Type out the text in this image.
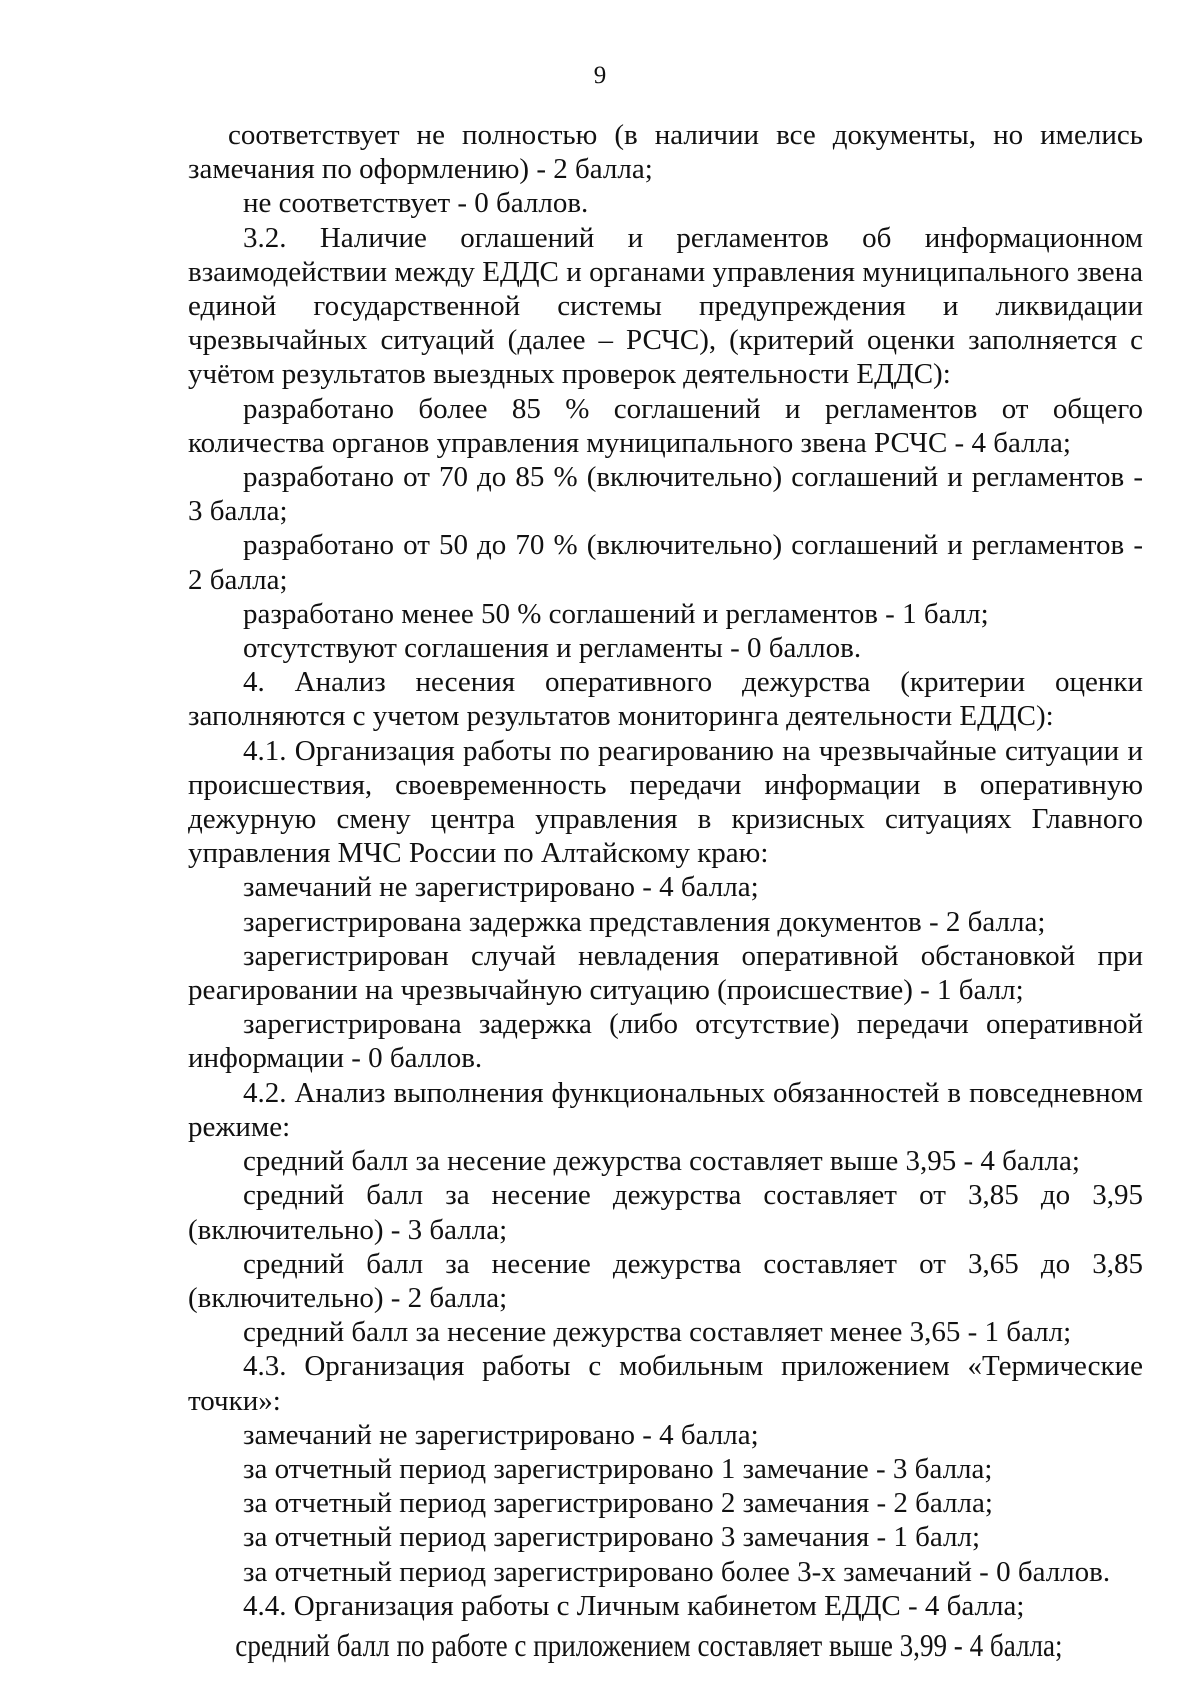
9

соответствует не полностью (в наличии все документы, но имелись замечания по оформлению) - 2 балла;

не соответствует - 0 баллов.

3.2. Наличие оглашений и регламентов об информационном взаимодействии между ЕДДС и органами управления муниципального звена единой государственной системы предупреждения и ликвидации чрезвычайных ситуаций (далее – РСЧС), (критерий оценки заполняется с учётом результатов выездных проверок деятельности ЕДДС):

разработано более 85 % соглашений и регламентов от общего количества органов управления муниципального звена РСЧС - 4 балла;

разработано от 70 до 85 % (включительно) соглашений и регламентов - 3 балла;

разработано от 50 до 70 % (включительно) соглашений и регламентов - 2 балла;

разработано менее 50 % соглашений и регламентов - 1 балл;

отсутствуют соглашения и регламенты - 0 баллов.

4. Анализ несения оперативного дежурства (критерии оценки заполняются с учетом результатов мониторинга деятельности ЕДДС):

4.1. Организация работы по реагированию на чрезвычайные ситуации и происшествия, своевременность передачи информации в оперативную дежурную смену центра управления в кризисных ситуациях Главного управления МЧС России по Алтайскому краю:

замечаний не зарегистрировано - 4 балла;

зарегистрирована задержка представления документов - 2 балла;

зарегистрирован случай невладения оперативной обстановкой при реагировании на чрезвычайную ситуацию (происшествие) - 1 балл;

зарегистрирована задержка (либо отсутствие) передачи оперативной информации - 0 баллов.

4.2. Анализ выполнения функциональных обязанностей в повседневном режиме:

средний балл за несение дежурства составляет выше 3,95 - 4 балла;

средний балл за несение дежурства составляет от 3,85 до 3,95 (включительно) - 3 балла;

средний балл за несение дежурства составляет от 3,65 до 3,85 (включительно) - 2 балла;

средний балл за несение дежурства составляет менее 3,65 - 1 балл;

4.3. Организация работы с мобильным приложением «Термические точки»:

замечаний не зарегистрировано - 4 балла;

за отчетный период зарегистрировано 1 замечание - 3 балла;

за отчетный период зарегистрировано 2 замечания - 2 балла;

за отчетный период зарегистрировано 3 замечания - 1 балл;

за отчетный период зарегистрировано более 3-х замечаний - 0 баллов.

4.4. Организация работы с Личным кабинетом ЕДДС - 4 балла;

средний балл по работе с приложением составляет выше 3,99 - 4 балла;
